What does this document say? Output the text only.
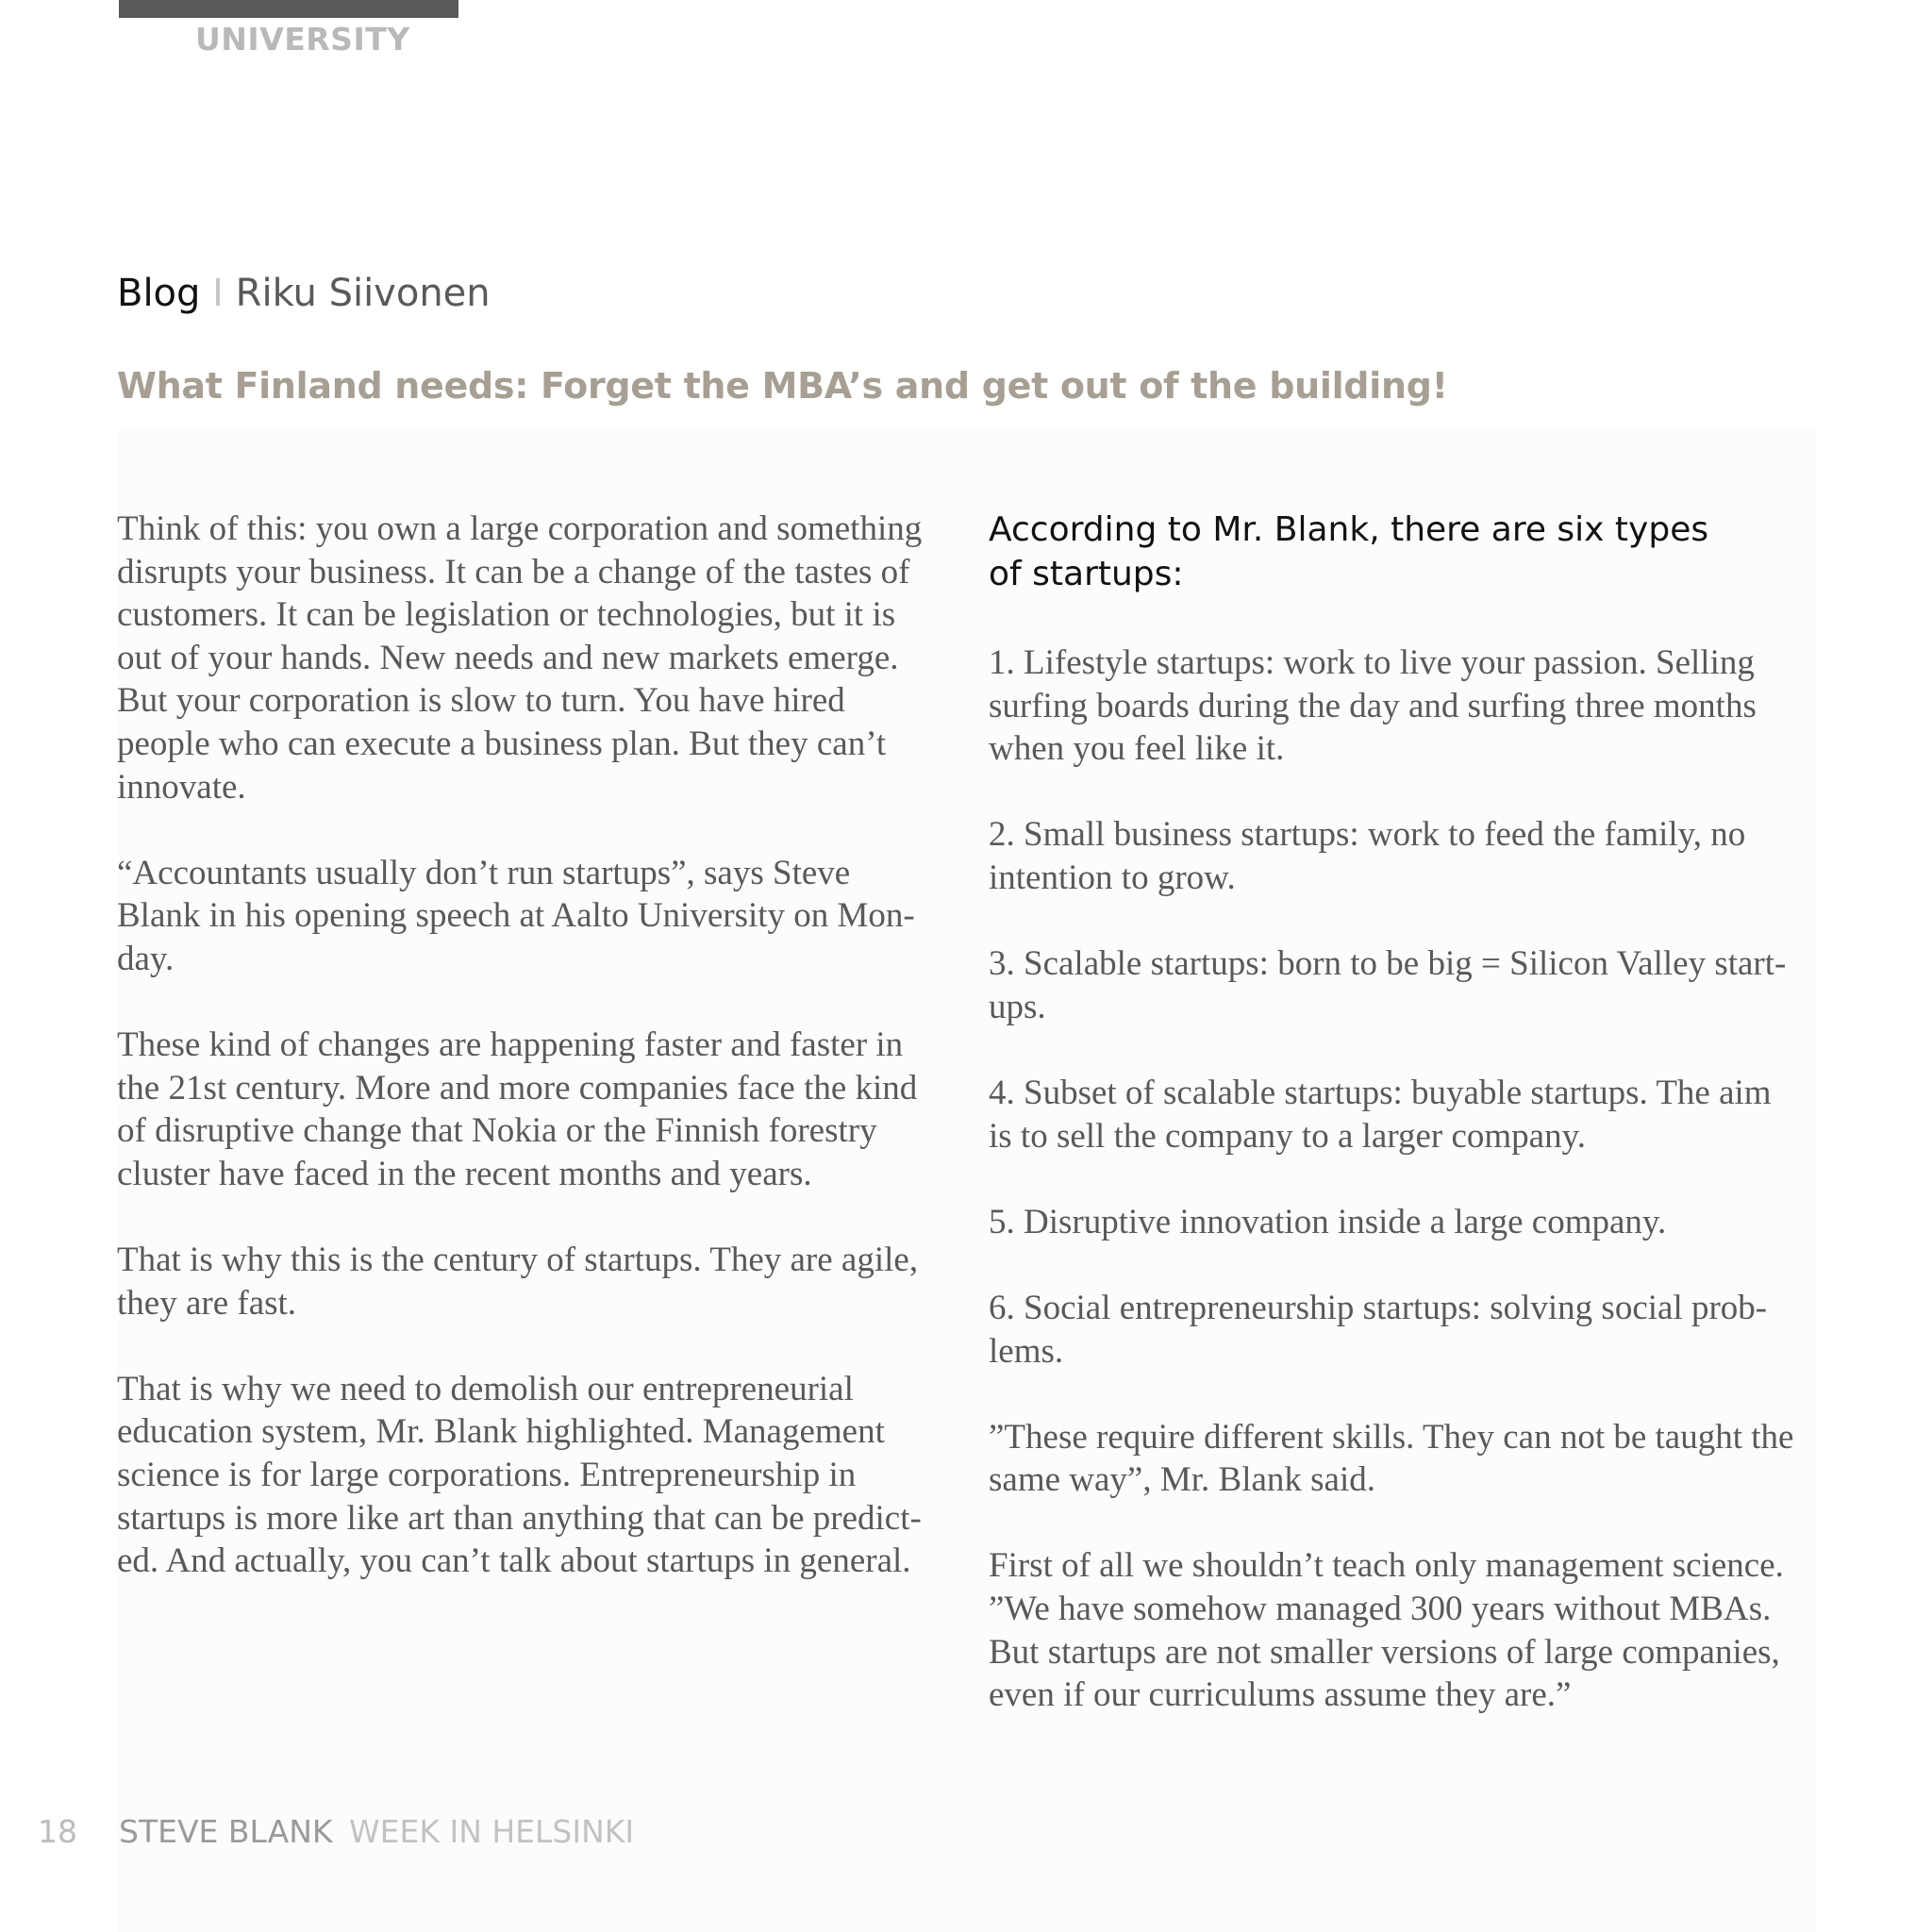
UNIVERSITY
Blog I Riku Siivonen
What Finland needs: Forget the MBA’s and get out of the building!

Think of this: you own a large corporation and something
disrupts your business. It can be a change of the tastes of
customers. It can be legislation or technologies, but it is
out of your hands. New needs and new markets emerge.
But your corporation is slow to turn. You have hired
people who can execute a business plan. But they can’t
innovate.

“Accountants usually don’t run startups”, says Steve
Blank in his opening speech at Aalto University on Mon-
day.

These kind of changes are happening faster and faster in
the 21st century. More and more companies face the kind
of disruptive change that Nokia or the Finnish forestry
cluster have faced in the recent months and years.

That is why this is the century of startups. They are agile,
they are fast.

That is why we need to demolish our entrepreneurial
education system, Mr. Blank highlighted. Management
science is for large corporations. Entrepreneurship in
startups is more like art than anything that can be predict-
ed. And actually, you can’t talk about startups in general.

According to Mr. Blank, there are six types
of startups:

1. Lifestyle startups: work to live your passion. Selling
surfing boards during the day and surfing three months
when you feel like it.

2. Small business startups: work to feed the family, no
intention to grow.

3. Scalable startups: born to be big = Silicon Valley start-
ups.

4. Subset of scalable startups: buyable startups. The aim
is to sell the company to a larger company.

5. Disruptive innovation inside a large company.

6. Social entrepreneurship startups: solving social prob-
lems.

”These require different skills. They can not be taught the
same way”, Mr. Blank said.

First of all we shouldn’t teach only management science.
”We have somehow managed 300 years without MBAs.
But startups are not smaller versions of large companies,
even if our curriculums assume they are.”

18 STEVE BLANK WEEK IN HELSINKI
